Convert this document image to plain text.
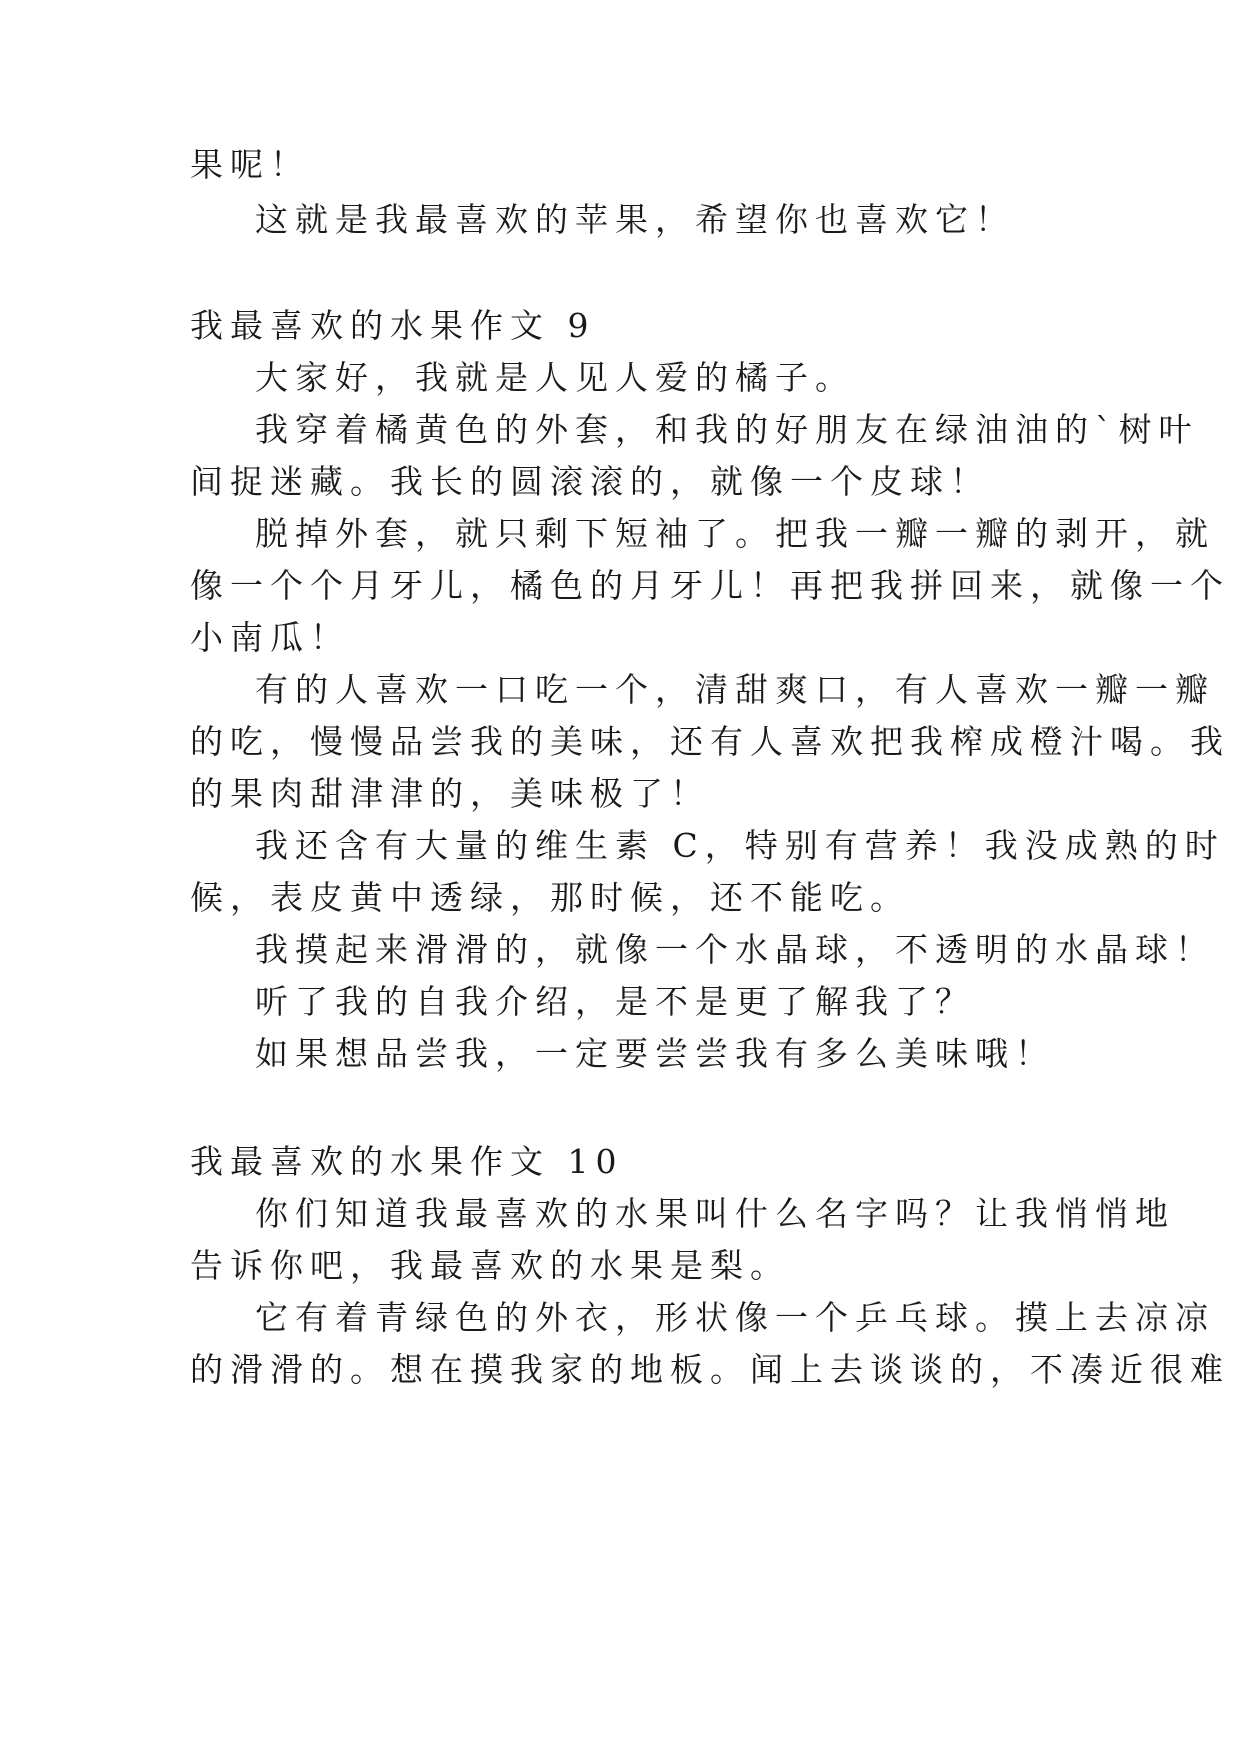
果呢！
这就是我最喜欢的苹果，希望你也喜欢它！
我最喜欢的水果作文 9
大家好，我就是人见人爱的橘子。
我穿着橘黄色的外套，和我的好朋友在绿油油的`树叶
间捉迷藏。我长的圆滚滚的，就像一个皮球！
脱掉外套，就只剩下短袖了。把我一瓣一瓣的剥开，就
像一个个月牙儿，橘色的月牙儿！再把我拼回来，就像一个
小南瓜！
有的人喜欢一口吃一个，清甜爽口，有人喜欢一瓣一瓣
的吃，慢慢品尝我的美味，还有人喜欢把我榨成橙汁喝。我
的果肉甜津津的，美味极了！
我还含有大量的维生素 C，特别有营养！我没成熟的时
候，表皮黄中透绿，那时候，还不能吃。
我摸起来滑滑的，就像一个水晶球，不透明的水晶球！
听了我的自我介绍，是不是更了解我了？
如果想品尝我，一定要尝尝我有多么美味哦！
我最喜欢的水果作文 10
你们知道我最喜欢的水果叫什么名字吗？让我悄悄地
告诉你吧，我最喜欢的水果是梨。
它有着青绿色的外衣，形状像一个乒乓球。摸上去凉凉
的滑滑的。想在摸我家的地板。闻上去谈谈的，不凑近很难
